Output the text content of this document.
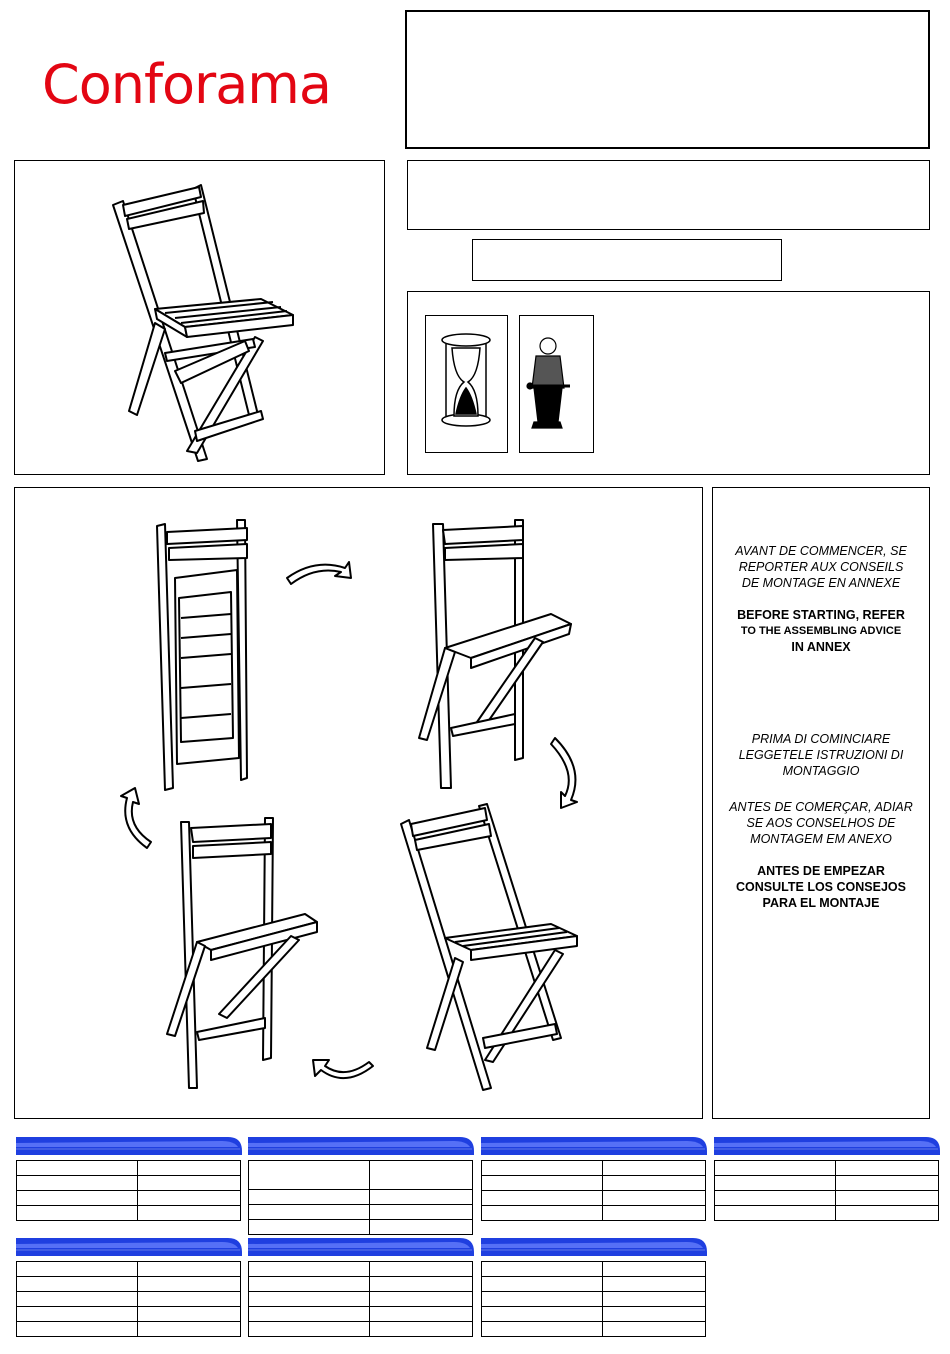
Conforama

AVANT DE COMMENCER, SE

REPORTER AUX CONSEILS

DE MONTAGE EN ANNEXE

BEFORE STARTING, REFER

TO THE ASSEMBLING ADVICE

IN ANNEX

PRIMA DI COMINCIARE

LEGGETELE ISTRUZIONI DI

MONTAGGIO

ANTES DE COMERÇAR, ADIAR

SE AOS CONSELHOS DE

MONTAGEM EM ANEXO

ANTES DE EMPEZAR

CONSULTE LOS CONSEJOS

PARA EL MONTAJE
